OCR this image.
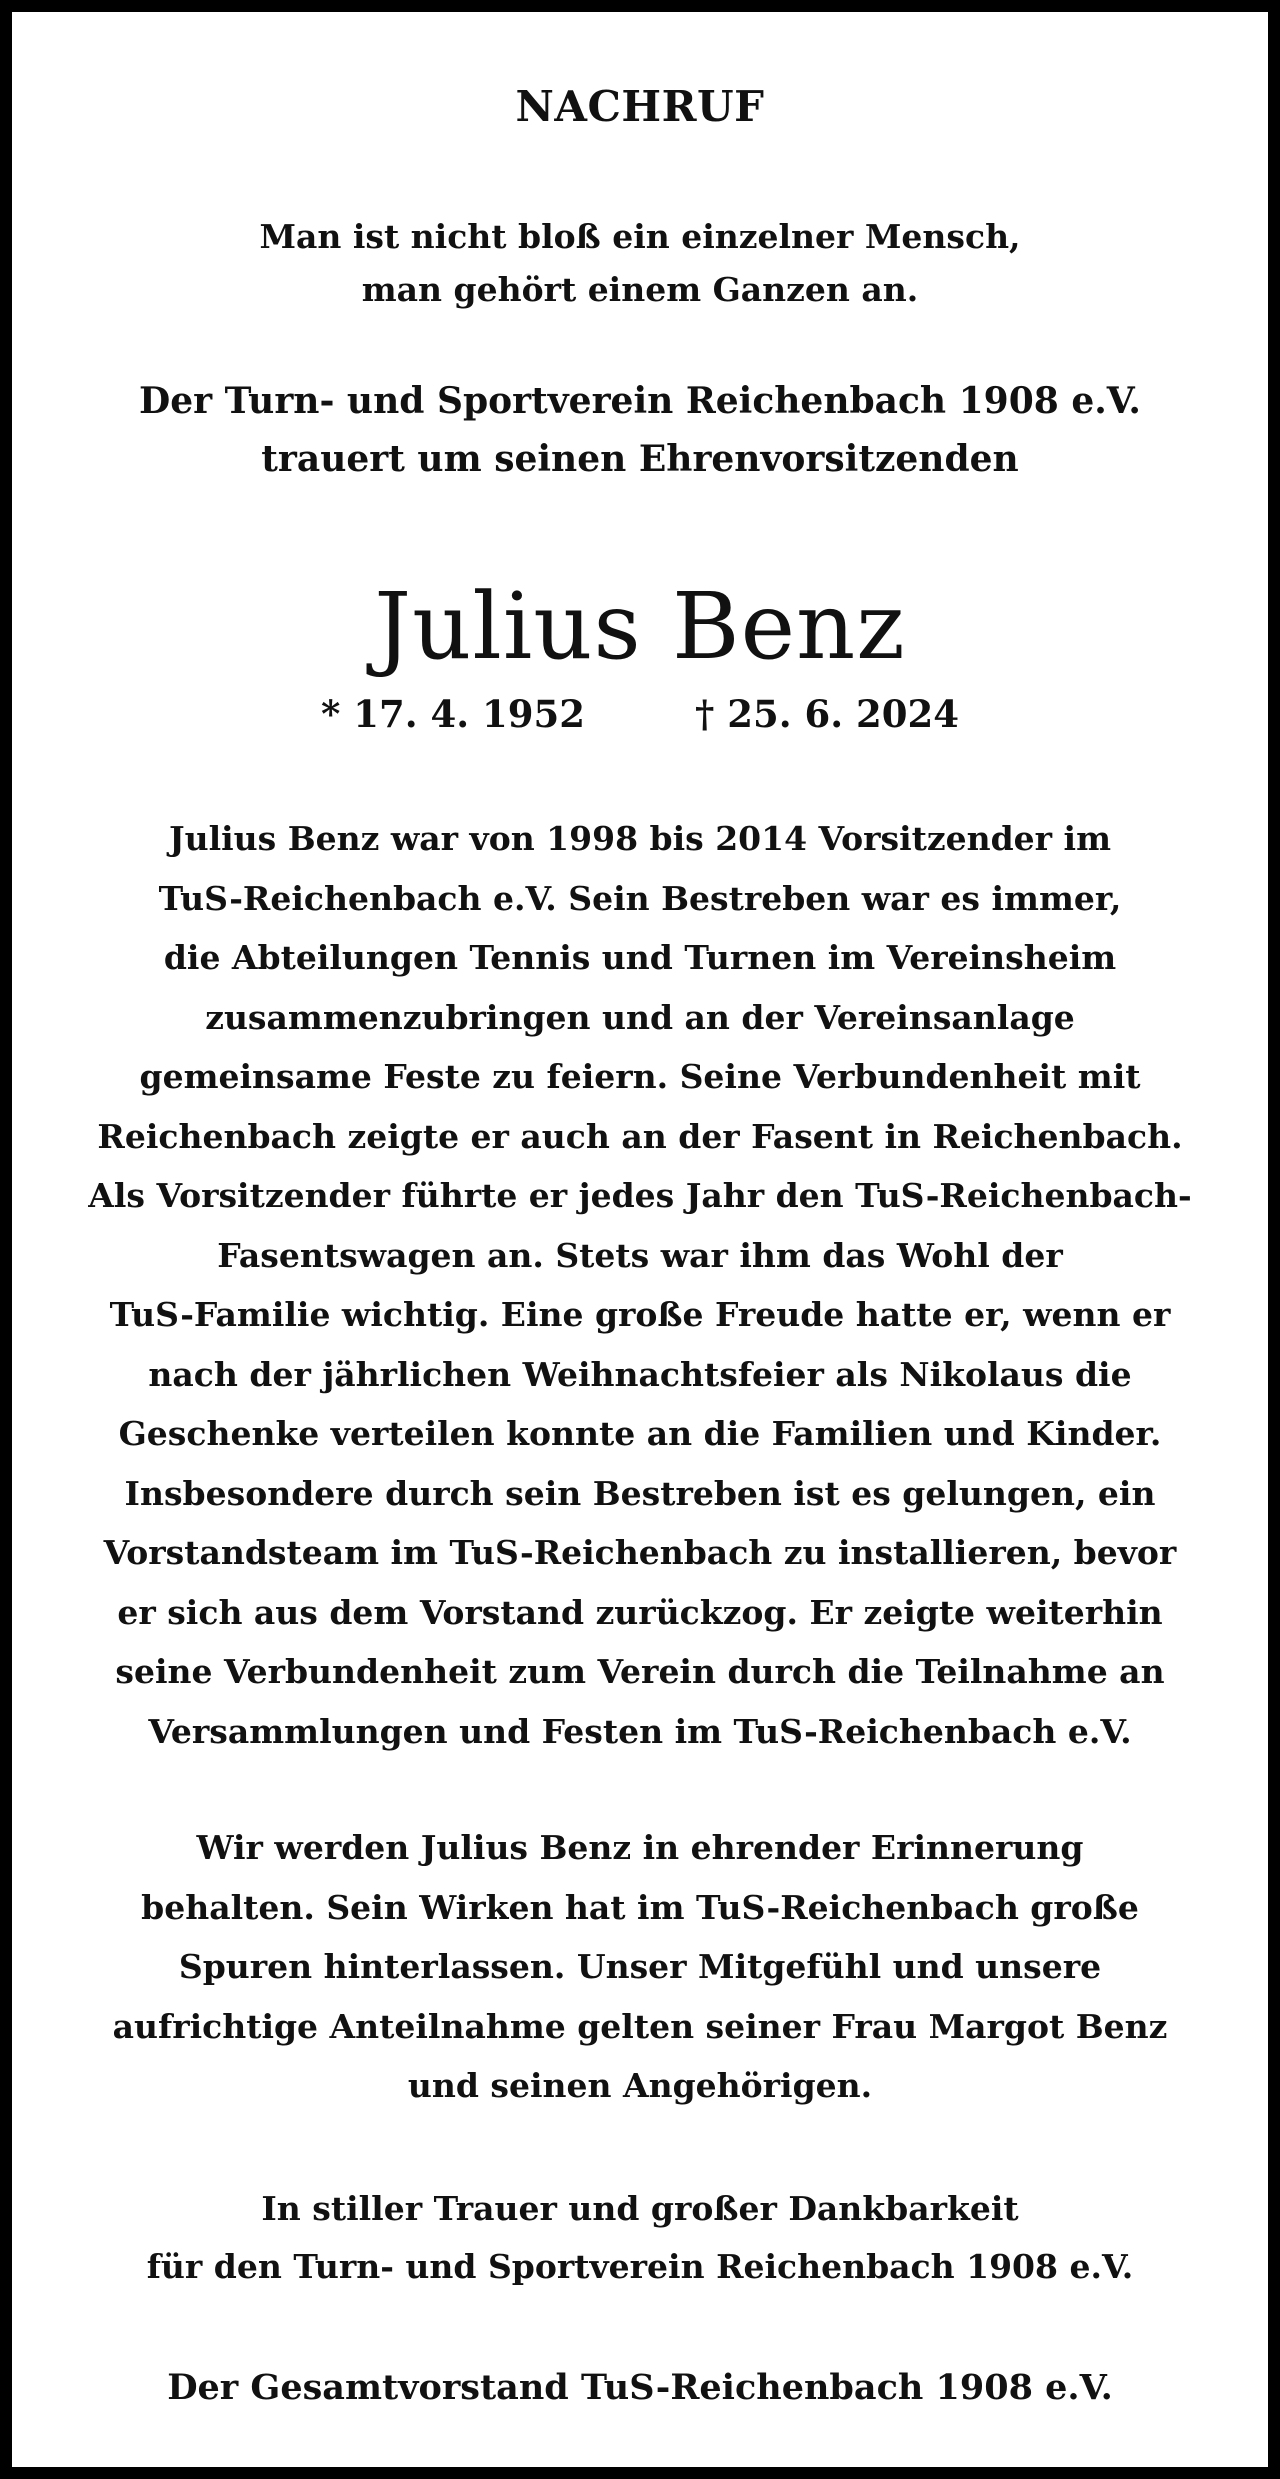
NACHRUF
Man ist nicht bloß ein einzelner Mensch,
man gehört einem Ganzen an.
Der Turn- und Sportverein Reichenbach 1908 e.V.
trauert um seinen Ehrenvorsitzenden
Julius Benz
* 17. 4. 1952	† 25. 6. 2024
Julius Benz war von 1998 bis 2014 Vorsitzender im
TuS-Reichenbach e.V. Sein Bestreben war es immer,
die Abteilungen Tennis und Turnen im Vereinsheim
zusammenzubringen und an der Vereinsanlage
gemeinsame Feste zu feiern. Seine Verbundenheit mit
Reichenbach zeigte er auch an der Fasent in Reichenbach.
Als Vorsitzender führte er jedes Jahr den TuS-Reichenbach-
Fasentswagen an. Stets war ihm das Wohl der
TuS-Familie wichtig. Eine große Freude hatte er, wenn er
nach der jährlichen Weihnachtsfeier als Nikolaus die
Geschenke verteilen konnte an die Familien und Kinder.
Insbesondere durch sein Bestreben ist es gelungen, ein
Vorstandsteam im TuS-Reichenbach zu installieren, bevor
er sich aus dem Vorstand zurückzog. Er zeigte weiterhin
seine Verbundenheit zum Verein durch die Teilnahme an
Versammlungen und Festen im TuS-Reichenbach e.V.
Wir werden Julius Benz in ehrender Erinnerung
behalten. Sein Wirken hat im TuS-Reichenbach große
Spuren hinterlassen. Unser Mitgefühl und unsere
aufrichtige Anteilnahme gelten seiner Frau Margot Benz
und seinen Angehörigen.
In stiller Trauer und großer Dankbarkeit
für den Turn- und Sportverein Reichenbach 1908 e.V.
Der Gesamtvorstand TuS-Reichenbach 1908 e.V.
